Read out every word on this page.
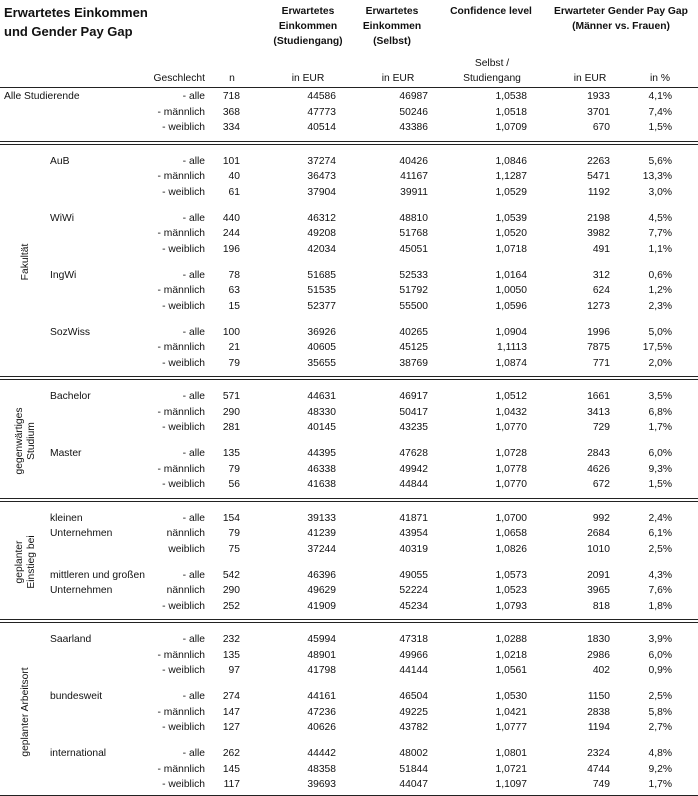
Erwartetes Einkommen
und Gender Pay Gap
Erwartetes
Einkommen
(Studiengang)
Erwartetes
Einkommen
(Selbst)
Confidence level	Erwarteter Gender Pay Gap
(Männer vs. Frauen)
Selbst /
Studiengang
Geschlecht	n	in EUR	in EUR	in EUR	in %
Alle Studierende	- alle	718	44586	46987	1,0538	1933	4,1%
- männlich	368	47773	50246	1,0518	3701	7,4%
- weiblich	334	40514	43386	1,0709	670	1,5%
AuB	- alle	101	37274	40426	1,0846	2263	5,6%
- männlich	40	36473	41167	1,1287	5471	13,3%
- weiblich	61	37904	39911	1,0529	1192	3,0%
WiWi	- alle	440	46312	48810	1,0539	2198	4,5%
- männlich	244	49208	51768	1,0520	3982	7,7%
- weiblich	196	42034	45051	1,0718	491	1,1%
IngWi	- alle	78	51685	52533	1,0164	312	0,6%
- männlich	63	51535	51792	1,0050	624	1,2%
- weiblich	15	52377	55500	1,0596	1273	2,3%
SozWiss	- alle	100	36926	40265	1,0904	1996	5,0%
- männlich	21	40605	45125	1,1113	7875	17,5%
- weiblich	79	35655	38769	1,0874	771	2,0%
Fakultät
Bachelor	- alle	571	44631	46917	1,0512	1661	3,5%
- männlich	290	48330	50417	1,0432	3413	6,8%
- weiblich	281	40145	43235	1,0770	729	1,7%
Master	- alle	135	44395	47628	1,0728	2843	6,0%
- männlich	79	46338	49942	1,0778	4626	9,3%
- weiblich	56	41638	44844	1,0770	672	1,5%
gegenwärtiges Studium
kleinen
Unternehmen
- alle	154	39133	41871	1,0700	992	2,4%
nännlich	79	41239	43954	1,0658	2684	6,1%
weiblich	75	37244	40319	1,0826	1010	2,5%
mittleren und großen
Unternehmen
- alle	542	46396	49055	1,0573	2091	4,3%
nännlich	290	49629	52224	1,0523	3965	7,6%
- weiblich	252	41909	45234	1,0793	818	1,8%
geplanter Einstieg bei
Saarland	- alle	232	45994	47318	1,0288	1830	3,9%
- männlich	135	48901	49966	1,0218	2986	6,0%
- weiblich	97	41798	44144	1,0561	402	0,9%
bundesweit	- alle	274	44161	46504	1,0530	1150	2,5%
- männlich	147	47236	49225	1,0421	2838	5,8%
- weiblich	127	40626	43782	1,0777	1194	2,7%
international	- alle	262	44442	48002	1,0801	2324	4,8%
- männlich	145	48358	51844	1,0721	4744	9,2%
- weiblich	117	39693	44047	1,1097	749	1,7%
geplanter Arbeitsort
